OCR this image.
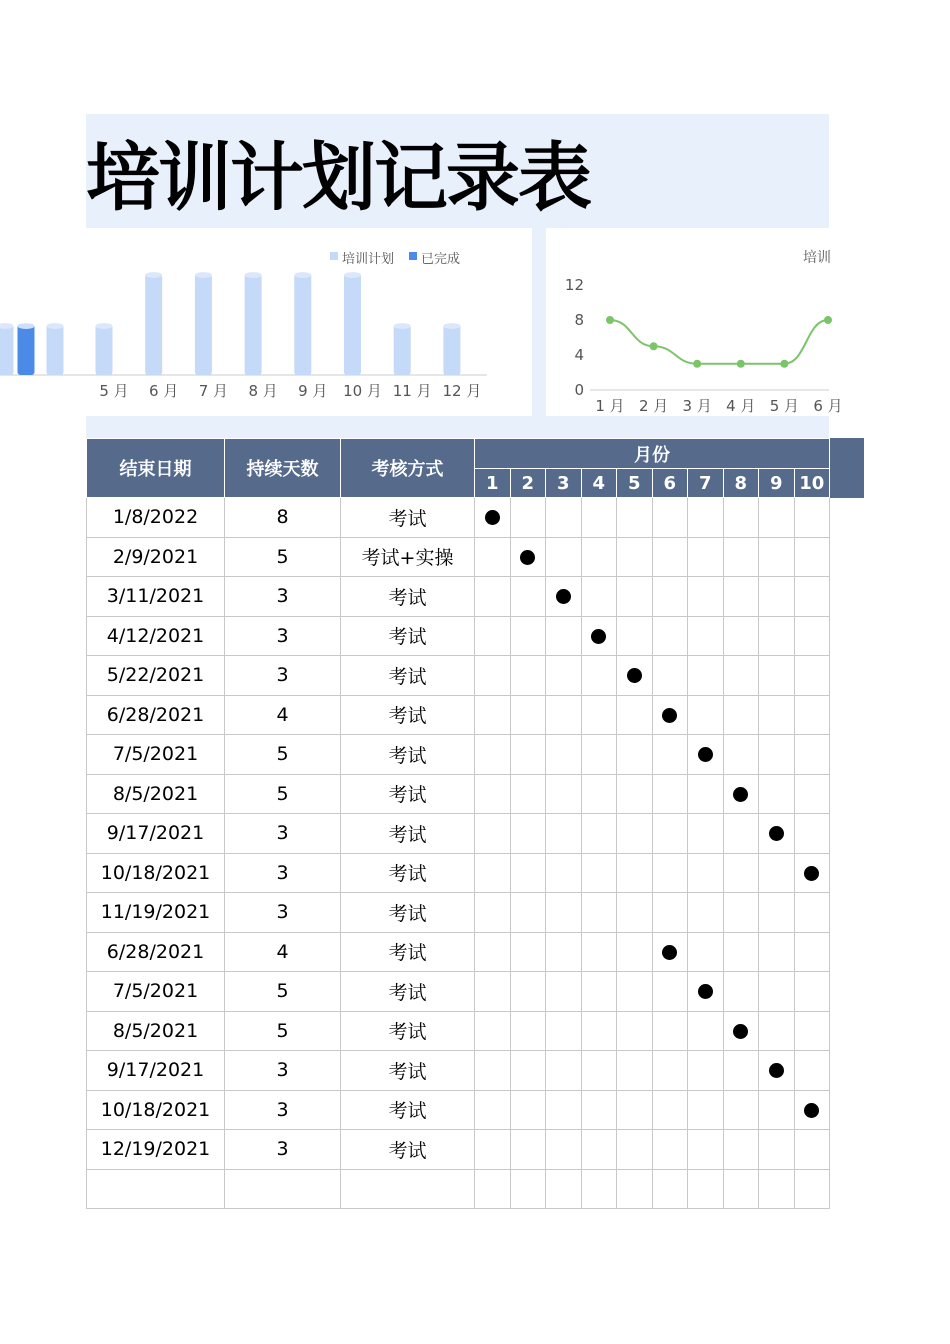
培训计划记录表
培训计划 已完成
5 月 6 月 7 月 8 月 9 月 10 月 11 月 12 月
培训
0
4
8
12
1 月 2 月 3 月 4 月 5 月 6 月
结束日期	持续天数	考核方式	月份									
			1	2	3	4	5	6	7	8	9	10
1/8/2022	8	考试										
2/9/2021	5	考试+实操										
3/11/2021	3	考试										
4/12/2021	3	考试										
5/22/2021	3	考试										
6/28/2021	4	考试										
7/5/2021	5	考试										
8/5/2021	5	考试										
9/17/2021	3	考试										
10/18/2021	3	考试										
11/19/2021	3	考试										
6/28/2021	4	考试										
7/5/2021	5	考试										
8/5/2021	5	考试										
9/17/2021	3	考试										
10/18/2021	3	考试										
12/19/2021	3	考试										
